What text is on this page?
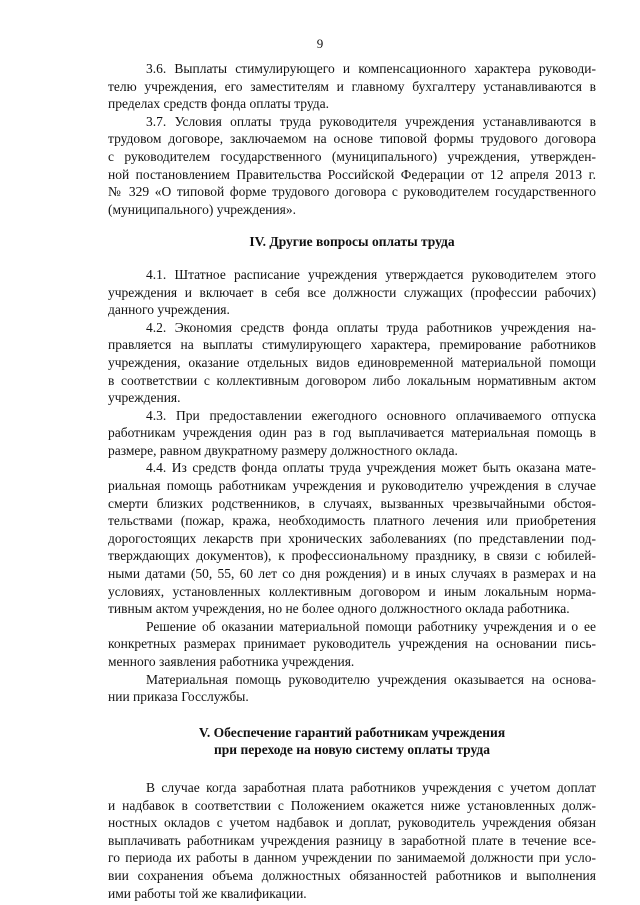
9
3.6. Выплаты стимулирующего и компенсационного характера руководи-
телю учреждения, его заместителям и главному бухгалтеру устанавливаются в
пределах средств фонда оплаты труда.
3.7. Условия оплаты труда руководителя учреждения устанавливаются в
трудовом договоре, заключаемом на основе типовой формы трудового договора
с руководителем государственного (муниципального) учреждения, утвержден-
ной постановлением Правительства Российской Федерации от 12 апреля 2013 г.
№ 329 «О типовой форме трудового договора с руководителем государственного
(муниципального) учреждения».
IV. Другие вопросы оплаты труда
4.1. Штатное расписание учреждения утверждается руководителем этого
учреждения и включает в себя все должности служащих (профессии рабочих)
данного учреждения.
4.2. Экономия средств фонда оплаты труда работников учреждения на-
правляется на выплаты стимулирующего характера, премирование работников
учреждения, оказание отдельных видов единовременной материальной помощи
в соответствии с коллективным договором либо локальным нормативным актом
учреждения.
4.3. При предоставлении ежегодного основного оплачиваемого отпуска
работникам учреждения один раз в год выплачивается материальная помощь в
размере, равном двукратному размеру должностного оклада.
4.4. Из средств фонда оплаты труда учреждения может быть оказана мате-
риальная помощь работникам учреждения и руководителю учреждения в случае
смерти близких родственников, в случаях, вызванных чрезвычайными обстоя-
тельствами (пожар, кража, необходимость платного лечения или приобретения
дорогостоящих лекарств при хронических заболеваниях (по представлении под-
тверждающих документов), к профессиональному празднику, в связи с юбилей-
ными датами (50, 55, 60 лет со дня рождения) и в иных случаях в размерах и на
условиях, установленных коллективным договором и иным локальным норма-
тивным актом учреждения, но не более одного должностного оклада работника.
Решение об оказании материальной помощи работнику учреждения и о ее
конкретных размерах принимает руководитель учреждения на основании пись-
менного заявления работника учреждения.
Материальная помощь руководителю учреждения оказывается на основа-
нии приказа Госслужбы.
V. Обеспечение гарантий работникам учреждения
при переходе на новую систему оплаты труда
В случае когда заработная плата работников учреждения с учетом доплат
и надбавок в соответствии с Положением окажется ниже установленных долж-
ностных окладов с учетом надбавок и доплат, руководитель учреждения обязан
выплачивать работникам учреждения разницу в заработной плате в течение все-
го периода их работы в данном учреждении по занимаемой должности при усло-
вии сохранения объема должностных обязанностей работников и выполнения
ими работы той же квалификации.
